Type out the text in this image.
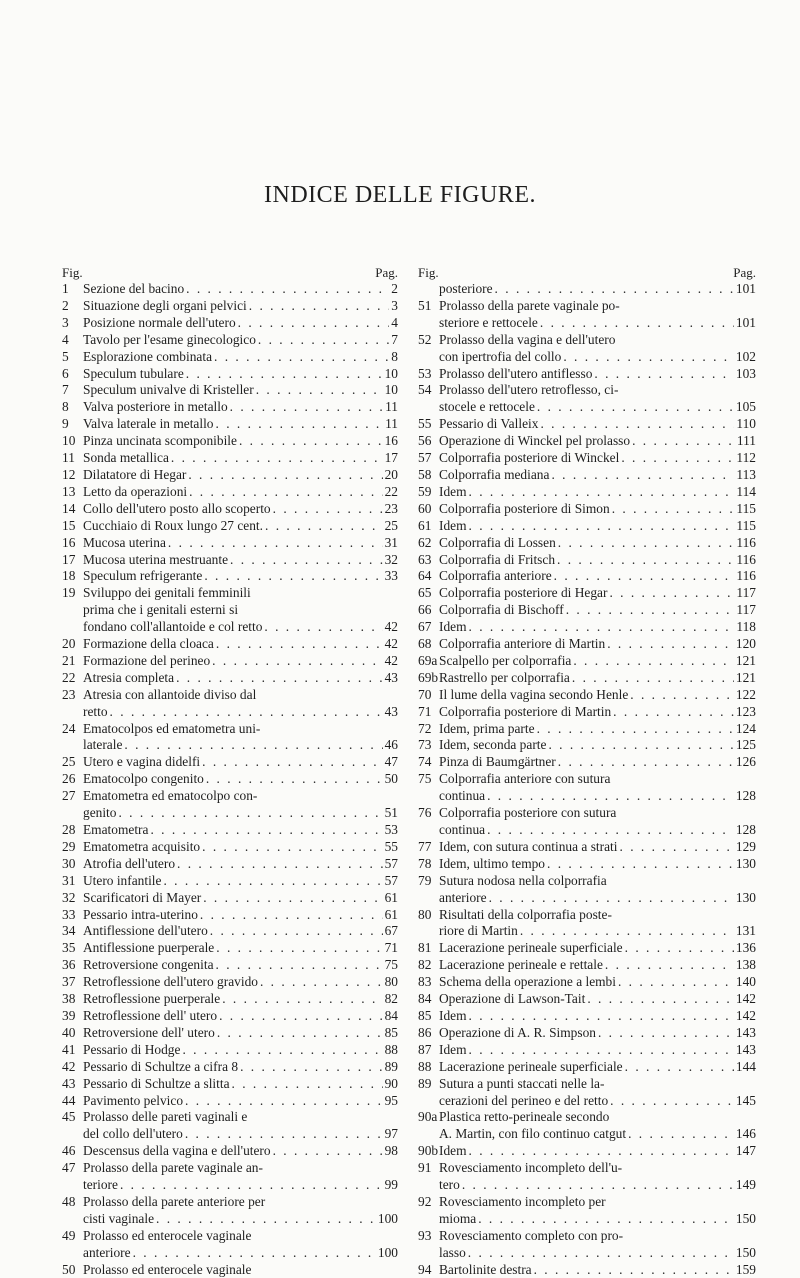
INDICE DELLE FIGURE.
Fig.	Pag.
1	Sezione del bacino . . .	2
2	Situazione degli organi pelvici . . .	3
3	Posizione normale dell'utero . . .	4
4	Tavolo per l'esame ginecologico . . .	7
5	Esplorazione combinata . . .	8
6	Speculum tubulare . . .	10
7	Speculum univalve di Kristeller . . .	10
8	Valva posteriore in metallo . . .	11
9	Valva laterale in metallo . . .	11
10 Pinza uncinata scomponibile . . .	16
11 Sonda metallica . . .	17
12 Dilatatore di Hegar . . .	20
13 Letto da operazioni . . .	22
14 Collo dell'utero posto allo scoperto . . .	23
15 Cucchiaio di Roux lungo 27 cent. . . .	25
16 Mucosa uterina . . .	31
17 Mucosa uterina mestruante . . .	32
18 Speculum refrigerante . . .	33
19 Sviluppo dei genitali femminili
prima che i genitali esterni si
fondano coll'allantoide e col retto . . .	42
20 Formazione della cloaca . . .	42
21 Formazione del perineo . . .	42
22 Atresia completa . . .	43
23 Atresia con allantoide diviso dal
retto . . .	43
24 Ematocolpos ed ematometra uni-
laterale . . .	46
25 Utero e vagina didelfi . . .	47
26 Ematocolpo congenito . . .	50
27 Ematometra ed ematocolpo con-
genito . . .	51
28 Ematometra . . .	53
29 Ematometra acquisito . . .	55
30 Atrofia dell'utero . . .	57
31 Utero infantile . . .	57
32 Scarificatori di Mayer . . .	61
33 Pessario intra-uterino . . .	61
34 Antiflessione dell'utero . . .	67
35 Antiflessione puerperale . . .	71
36 Retroversione congenita . . .	75
37 Retroflessione dell'utero gravido . . .	80
38 Retroflessione puerperale . . .	82
39 Retroflessione dell' utero . . .	84
40 Retroversione dell' utero . . .	85
41 Pessario di Hodge . . .	88
42 Pessario di Schultze a cifra 8 . . .	89
43 Pessario di Schultze a slitta . . .	90
44 Pavimento pelvico . . .	95
45 Prolasso delle pareti vaginali e
del collo dell'utero . . .	97
46 Descensus della vagina e dell'utero . . .	98
47 Prolasso della parete vaginale an-
teriore . . .	99
48 Prolasso della parete anteriore per
cisti vaginale . . .	100
49 Prolasso ed enterocele vaginale
anteriore . . .	100
50 Prolasso ed enterocele vaginale
Fig.	Pag.
posteriore . . .	101
51 Prolasso della parete vaginale po-
steriore e rettocele . . .	101
52 Prolasso della vagina e dell'utero
con ipertrofia del collo . . .	102
53 Prolasso dell'utero antiflesso . . .	103
54 Prolasso dell'utero retroflesso, ci-
stocele e rettocele . . .	105
55 Pessario di Valleix . . .	110
56 Operazione di Winckel pel prolasso . . .	111
57 Colporrafia posteriore di Winckel . . .	112
58 Colporrafia mediana . . .	113
59 Idem . . .	114
60 Colporrafia posteriore di Simon . . .	115
61 Idem . . .	115
62 Colporrafia di Lossen . . .	116
63 Colporrafia di Fritsch . . .	116
64 Colporrafia anteriore . . .	116
65 Colporrafia posteriore di Hegar . . .	117
66 Colporrafia di Bischoff . . .	117
67 Idem . . .	118
68 Colporrafia anteriore di Martin . . .	120
69a Scalpello per colporrafia . . .	121
69b Rastrello per colporrafia . . .	121
70 Il lume della vagina secondo Henle . . .	122
71 Colporrafia posteriore di Martin . . .	123
72 Idem, prima parte . . .	124
73 Idem, seconda parte . . .	125
74 Pinza di Baumgärtner . . .	126
75 Colporrafia anteriore con sutura
continua . . .	128
76 Colporrafia posteriore con sutura
continua . . .	128
77 Idem, con sutura continua a strati . . .	129
78 Idem, ultimo tempo . . .	130
79 Sutura nodosa nella colporrafia
anteriore . . .	130
80 Risultati della colporrafia poste-
riore di Martin . . .	131
81 Lacerazione perineale superficiale . . .	136
82 Lacerazione perineale e rettale . . .	138
83 Schema della operazione a lembi . . .	140
84 Operazione di Lawson-Tait . . .	142
85 Idem . . .	142
86 Operazione di A. R. Simpson . . .	143
87 Idem . . .	143
88 Lacerazione perineale superficiale . . .	144
89 Sutura a punti staccati nelle la-
cerazioni del perineo e del retto . . .	145
90a Plastica retto-perineale secondo
A. Martin, con filo continuo catgut . . .	146
90b Idem . . .	147
91 Rovesciamento incompleto dell'u-
tero . . .	149
92 Rovesciamento incompleto per
mioma . . .	150
93 Rovesciamento completo con pro-
lasso . . .	150
94 Bartolinite destra . . .	159
